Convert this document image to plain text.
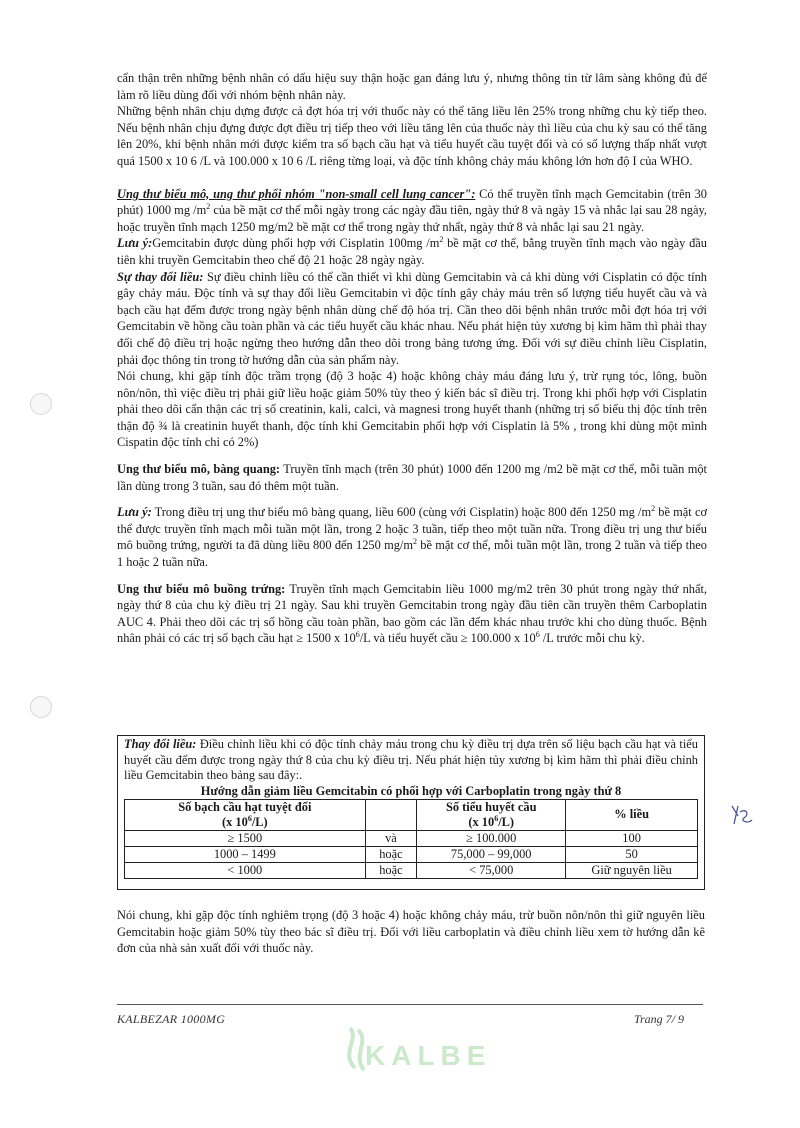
cẩn thận trên những bệnh nhân có dấu hiệu suy thận hoặc gan đáng lưu ý, nhưng thông tin từ lâm sàng không đủ để làm rõ liều dùng đối với nhóm bệnh nhân này.

Những bệnh nhân chịu dựng được cả đợt hóa trị với thuốc này có thể tăng liều lên 25% trong những chu kỳ tiếp theo. Nếu bệnh nhân chịu đựng được đợt điều trị tiếp theo với liều tăng lên của thuốc này thì liều của chu kỳ sau có thể tăng lên 20%, khi bệnh nhân mới được kiểm tra số bạch cầu hạt và tiểu huyết cầu tuyệt đối và có số lượng thấp nhất vượt quá 1500 x 10 6 /L và 100.000 x 10 6 /L riêng từng loại, và độc tính không chảy máu không lớn hơn độ I của WHO.

Ung thư biểu mô, ung thư phổi nhóm "non-small cell lung cancer": Có thể truyền tĩnh mạch Gemcitabin (trên 30 phút) 1000 mg $/m^2$ của bề mặt cơ thể mỗi ngày trong các ngày đầu tiên, ngày thứ 8 và ngày 15 và nhắc lại sau 28 ngày, hoặc truyền tĩnh mạch 1250 mg/m2 bề mặt cơ thể trong ngày thứ nhất, ngày thứ 8 và nhắc lại sau 21 ngày.

Lưu ý:Gemcitabin được dùng phối hợp với Cisplatin 100mg $/m^2$ bề mặt cơ thể, bằng truyền tĩnh mạch vào ngày đầu tiên khi truyền Gemcitabin theo chế độ 21 hoặc 28 ngày ngày.

Sự thay đổi liều: Sự điều chỉnh liều có thể cần thiết vì khi dùng Gemcitabin và cả khi dùng với Cisplatin có độc tính gây chảy máu. Độc tính và sự thay đổi liều Gemcitabin vì độc tính gây chảy máu trên số lượng tiểu huyết cầu và và bạch cầu hạt đếm được trong ngày bệnh nhân dùng chế độ hóa trị. Cần theo dõi bệnh nhân trước mỗi đợt hóa trị với Gemcitabin về hồng cầu toàn phần và các tiểu huyết cầu khác nhau. Nếu phát hiện tủy xương bị kìm hãm thì phải thay đổi chế độ điều trị hoặc ngừng theo hướng dẫn theo dõi trong bảng tương ứng. Đối với sự điều chỉnh liều Cisplatin, phải đọc thông tin trong tờ hướng dẫn của sản phẩm này.

Nói chung, khi gặp tính độc trầm trọng (độ 3 hoặc 4) hoặc không chảy máu đáng lưu ý, trừ rụng tóc, lông, buồn nôn/nôn, thì việc điều trị phải giữ liều hoặc giảm 50% tùy theo ý kiến bác sĩ điều trị. Trong khi phối hợp với Cisplatin phải theo dõi cẩn thận các trị số creatinin, kali, calci, và magnesi trong huyết thanh (những trị số biểu thị độc tính trên thận độ ¾ là creatinin huyết thanh, độc tính khi Gemcitabin phối hợp với Cisplatin là 5% , trong khi dùng một mình Cispatin độc tính chỉ có 2%)

Ung thư biểu mô, bàng quang: Truyền tĩnh mạch (trên 30 phút) 1000 đến 1200 mg /m2 bề mặt cơ thể, mỗi tuần một lần dùng trong 3 tuần, sau đó thêm một tuần.

Lưu ý: Trong điều trị ung thư biểu mô bàng quang, liều 600 (cùng với Cisplatin) hoặc 800 đến 1250 mg $/m^2$ bề mặt cơ thể được truyền tĩnh mạch mỗi tuần một lần, trong 2 hoặc 3 tuần, tiếp theo một tuần nữa. Trong điều trị ung thư biểu mô buồng trứng, người ta đã dùng liều 800 đến 1250 $mg/m^2$ bề mặt cơ thể, mỗi tuần một lần, trong 2 tuần và tiếp theo 1 hoặc 2 tuần nữa.

Ung thư biểu mô buồng trứng: Truyền tĩnh mạch Gemcitabin liều 1000 mg/m2 trên 30 phút trong ngày thứ nhất, ngày thứ 8 của chu kỳ điều trị 21 ngày. Sau khi truyền Gemcitabin trong ngày đầu tiên cần truyền thêm Carboplatin AUC 4. Phải theo dõi các trị số hồng cầu toàn phần, bao gồm các lần đếm khác nhau trước khi cho dùng thuốc. Bệnh nhân phải có các trị số bạch cầu hạt ≥ 1500 x $10^6/L$ và tiểu huyết cầu ≥ 100.000 x $10^6$ /L trước mỗi chu kỳ.

Thay đổi liều: Điều chỉnh liều khi có độc tính chảy máu trong chu kỳ điều trị dựa trên số liệu bạch cầu hạt và tiểu huyết cầu đếm được trong ngày thứ 8 của chu kỳ điều trị. Nếu phát hiện tủy xương bị kìm hãm thì phải điều chỉnh liều Gemcitabin theo bảng sau đây:.

Hướng dẫn giảm liều Gemcitabin có phối hợp với Carboplatin trong ngày thứ 8
Số bạch cầu hạt tuyệt đối
(x $10^6/L$)		Số tiểu huyết cầu
(x $10^6/L$)	% liều
≥ 1500	và	≥ 100.000	100
1000 – 1499	hoặc	75,000 – 99,000	50
< 1000	hoặc	< 75,000	Giữ nguyên liều

Nói chung, khi gặp độc tính nghiêm trọng (độ 3 hoặc 4) hoặc không chảy máu, trừ buồn nôn/nôn thì giữ nguyên liều Gemcitabin hoặc giảm 50% tùy theo bác sĩ điều trị. Đối với liều carboplatin và điều chỉnh liều xem tờ hướng dẫn kê đơn của nhà sản xuất đối với thuốc này.

KALBEZAR 1000MG	Trang 7/ 9
KALBE
